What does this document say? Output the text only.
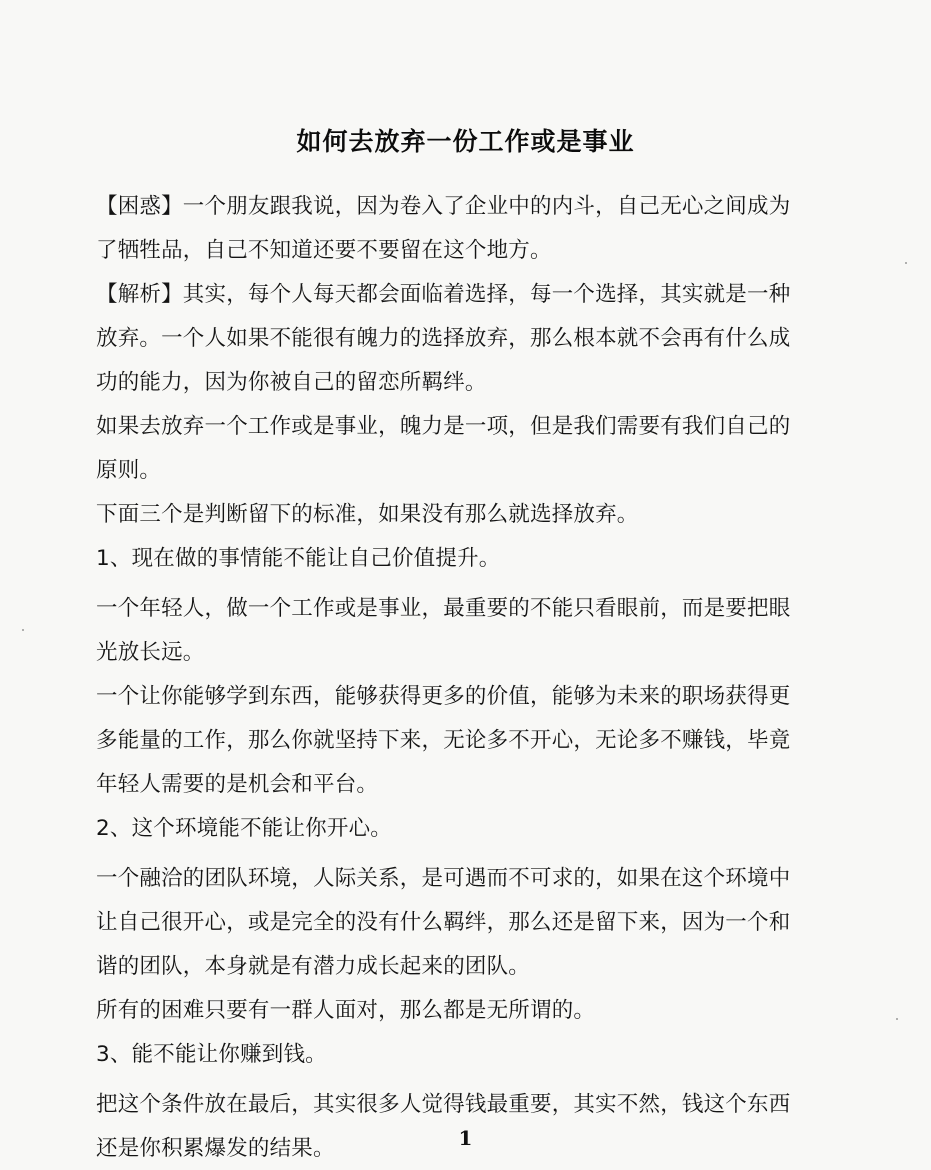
如何去放弃一份工作或是事业

【困惑】一个朋友跟我说，因为卷入了企业中的内斗，自己无心之间成为了牺牲品，自己不知道还要不要留在这个地方。

【解析】其实，每个人每天都会面临着选择，每一个选择，其实就是一种放弃。一个人如果不能很有魄力的选择放弃，那么根本就不会再有什么成功的能力，因为你被自己的留恋所羁绊。

如果去放弃一个工作或是事业，魄力是一项，但是我们需要有我们自己的原则。

下面三个是判断留下的标准，如果没有那么就选择放弃。

1、现在做的事情能不能让自己价值提升。

一个年轻人，做一个工作或是事业，最重要的不能只看眼前，而是要把眼光放长远。

一个让你能够学到东西，能够获得更多的价值，能够为未来的职场获得更多能量的工作，那么你就坚持下来，无论多不开心，无论多不赚钱，毕竟年轻人需要的是机会和平台。

2、这个环境能不能让你开心。

一个融洽的团队环境，人际关系，是可遇而不可求的，如果在这个环境中让自己很开心，或是完全的没有什么羁绊，那么还是留下来，因为一个和谐的团队，本身就是有潜力成长起来的团队。

所有的困难只要有一群人面对，那么都是无所谓的。

3、能不能让你赚到钱。

把这个条件放在最后，其实很多人觉得钱最重要，其实不然，钱这个东西还是你积累爆发的结果。	1
